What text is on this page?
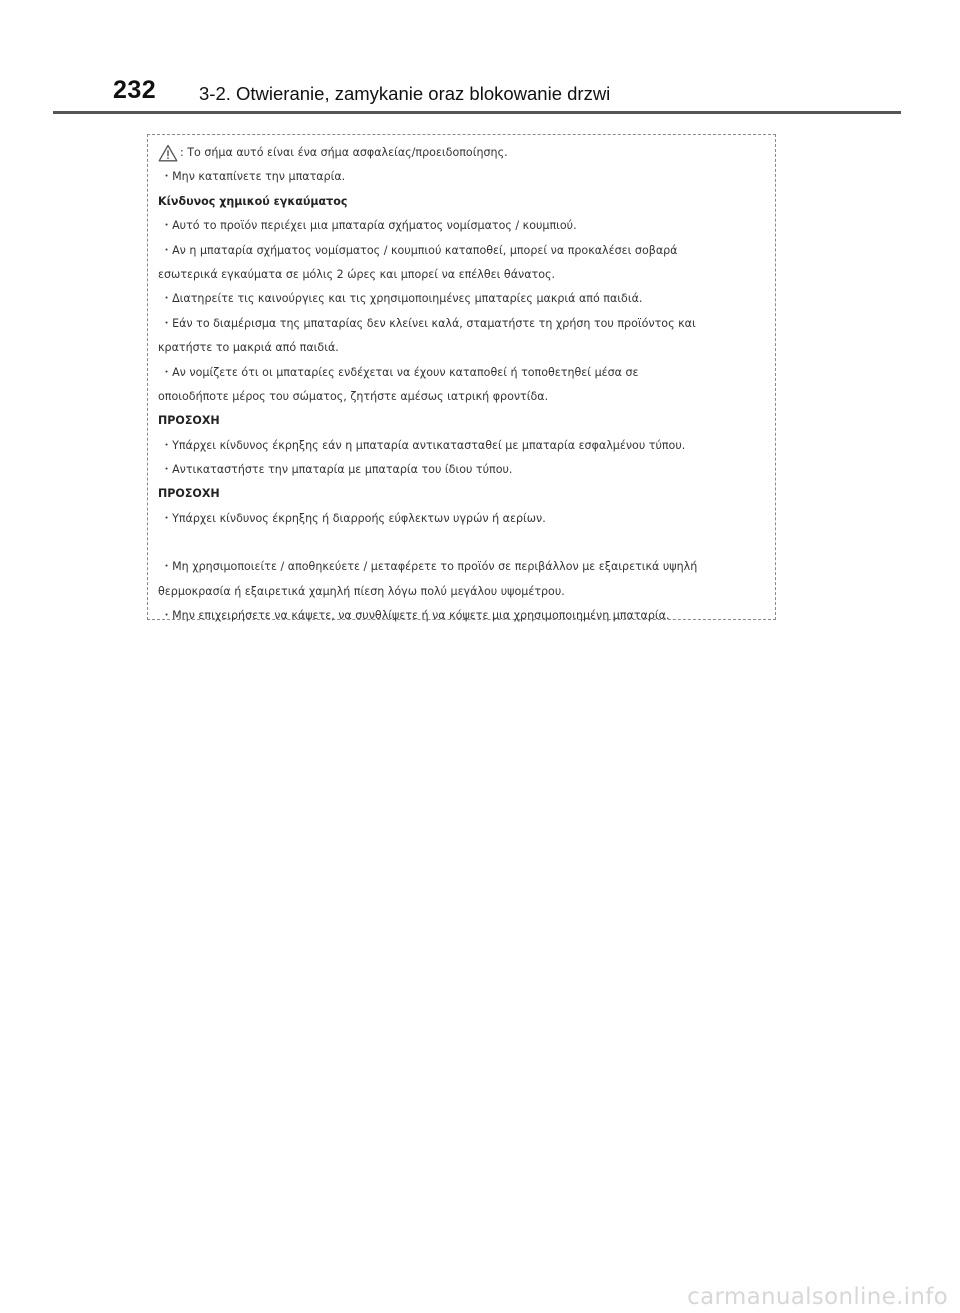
232 3-2. Otwieranie, zamykanie oraz blokowanie drzwi
: Το σήμα αυτό είναι ένα σήμα ασφαλείας/προειδοποίησης.
・Μην καταπίνετε την μπαταρία.
Κίνδυνος χημικού εγκαύματος
・Αυτό το προϊόν περιέχει μια μπαταρία σχήματος νομίσματος / κουμπιού.
・Αν η μπαταρία σχήματος νομίσματος / κουμπιού καταποθεί, μπορεί να προκαλέσει σοβαρά
εσωτερικά εγκαύματα σε μόλις 2 ώρες και μπορεί να επέλθει θάνατος.
・Διατηρείτε τις καινούργιες και τις χρησιμοποιημένες μπαταρίες μακριά από παιδιά.
・Εάν το διαμέρισμα της μπαταρίας δεν κλείνει καλά, σταματήστε τη χρήση του προϊόντος και
κρατήστε το μακριά από παιδιά.
・Αν νομίζετε ότι οι μπαταρίες ενδέχεται να έχουν καταποθεί ή τοποθετηθεί μέσα σε
οποιοδήποτε μέρος του σώματος, ζητήστε αμέσως ιατρική φροντίδα.
ΠΡΟΣΟΧΗ
・Υπάρχει κίνδυνος έκρηξης εάν η μπαταρία αντικατασταθεί με μπαταρία εσφαλμένου τύπου.
・Αντικαταστήστε την μπαταρία με μπαταρία του ίδιου τύπου.
ΠΡΟΣΟΧΗ
・Υπάρχει κίνδυνος έκρηξης ή διαρροής εύφλεκτων υγρών ή αερίων.
・Μη χρησιμοποιείτε / αποθηκεύετε / μεταφέρετε το προϊόν σε περιβάλλον με εξαιρετικά υψηλή
θερμοκρασία ή εξαιρετικά χαμηλή πίεση λόγω πολύ μεγάλου υψομέτρου.
・Μην επιχειρήσετε να κάψετε, να συνθλίψετε ή να κόψετε μια χρησιμοποιημένη μπαταρία.
carmanualsonline.info
